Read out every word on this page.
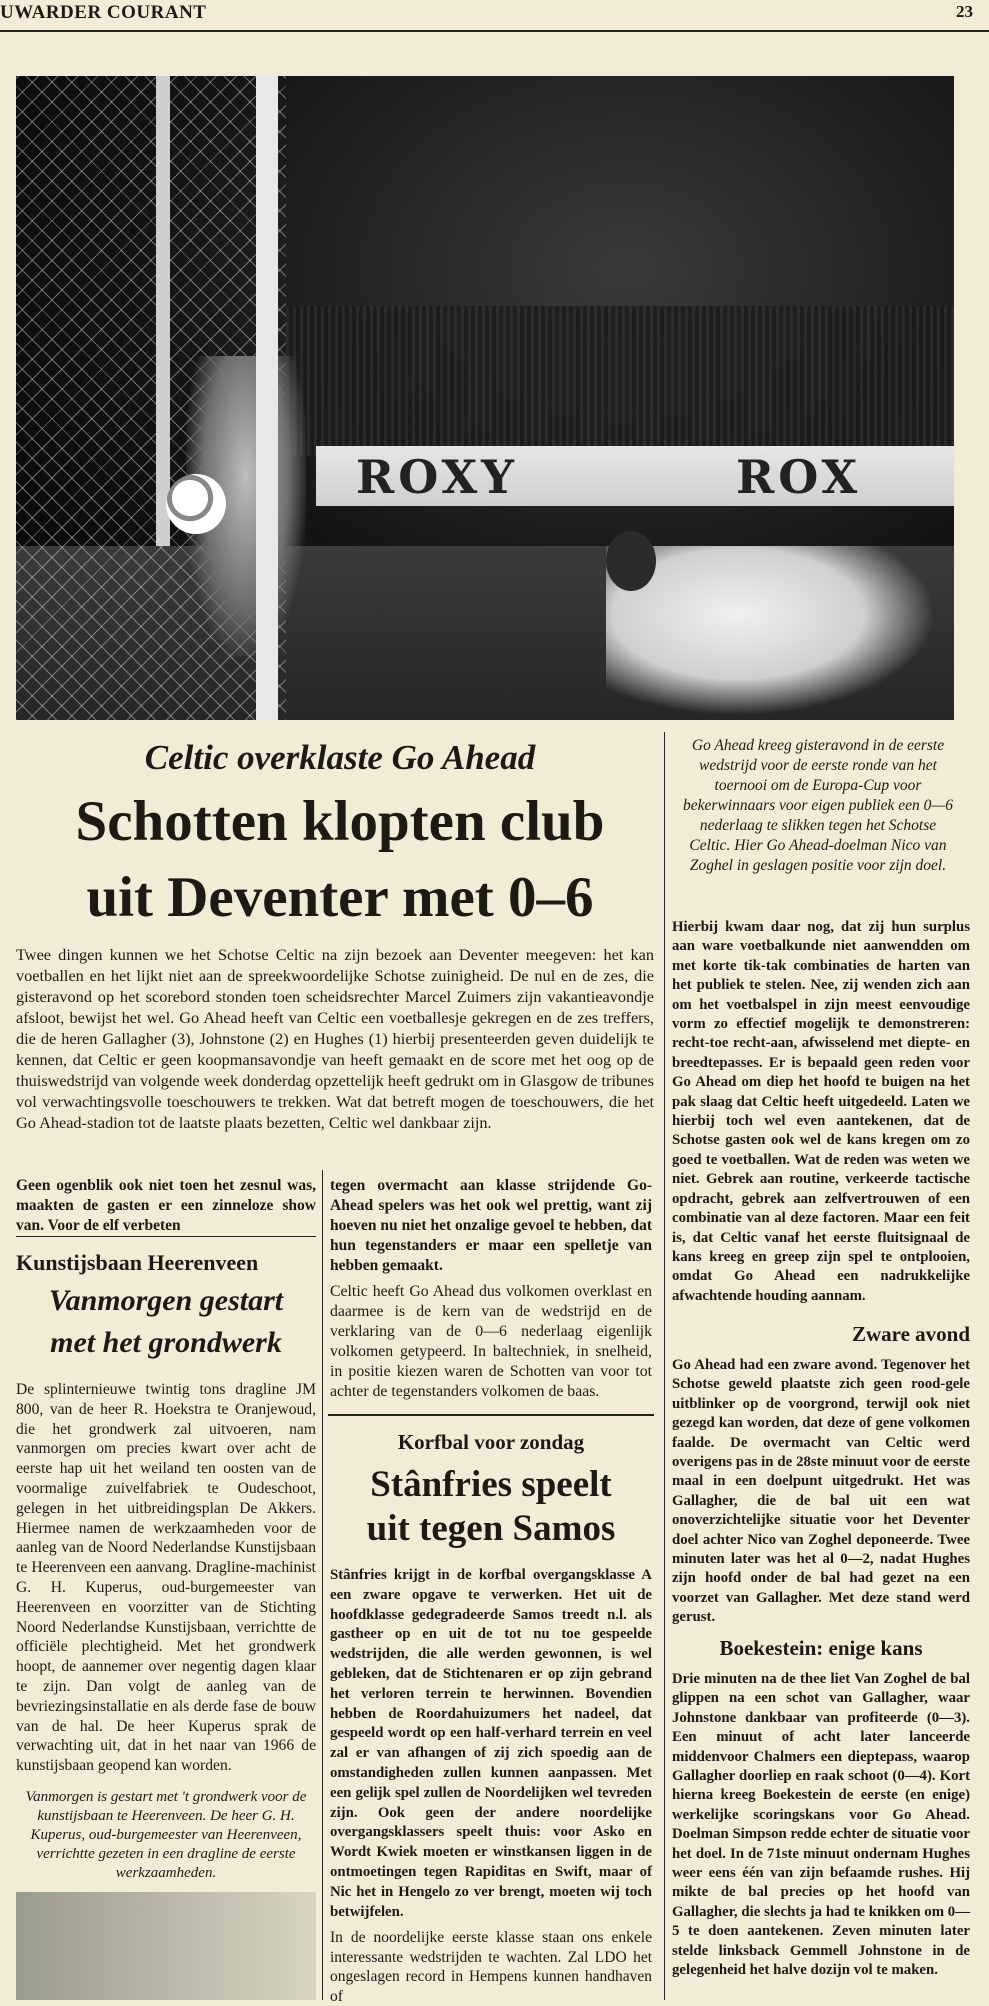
UWARDER COURANT	23
ROXY	ROX
Celtic overklaste Go Ahead
Schotten klopten club
uit Deventer met 0–6
Go Ahead kreeg gisteravond in de eerste wedstrijd voor de eerste ronde van het toernooi om de Europa-Cup voor bekerwinnaars voor eigen publiek een 0—6 nederlaag te slikken tegen het Schotse Celtic. Hier Go Ahead-doelman Nico van Zoghel in geslagen positie voor zijn doel.
Twee dingen kunnen we het Schotse Celtic na zijn bezoek aan Deventer meegeven: het kan voetballen en het lijkt niet aan de spreekwoordelijke Schotse zuinigheid. De nul en de zes, die gisteravond op het scorebord stonden toen scheidsrechter Marcel Zuimers zijn vakantieavondje afsloot, bewijst het wel. Go Ahead heeft van Celtic een voetballesje gekregen en de zes treffers, die de heren Gallagher (3), Johnstone (2) en Hughes (1) hierbij presenteerden geven duidelijk te kennen, dat Celtic er geen koopmansavondje van heeft gemaakt en de score met het oog op de thuiswedstrijd van volgende week donderdag opzettelijk heeft gedrukt om in Glasgow de tribunes vol verwachtingsvolle toeschouwers te trekken. Wat dat betreft mogen de toeschouwers, die het Go Ahead-stadion tot de laatste plaats bezetten, Celtic wel dankbaar zijn.
Geen ogenblik ook niet toen het zesnul was, maakten de gasten er een zinneloze show van. Voor de elf verbeten
Kunstijsbaan Heerenveen
Vanmorgen gestart
met het grondwerk
De splinternieuwe twintig tons dragline JM 800, van de heer R. Hoekstra te Oranjewoud, die het grondwerk zal uitvoeren, nam vanmorgen om precies kwart over acht de eerste hap uit het weiland ten oosten van de voormalige zuivelfabriek te Oudeschoot, gelegen in het uitbreidingsplan De Akkers. Hiermee namen de werkzaamheden voor de aanleg van de Noord Nederlandse Kunstijsbaan te Heerenveen een aanvang. Dragline-machinist G. H. Kuperus, oud-burgemeester van Heerenveen en voorzitter van de Stichting Noord Nederlandse Kunstijsbaan, verrichtte de officiële plechtigheid. Met het grondwerk hoopt, de aannemer over negentig dagen klaar te zijn. Dan volgt de aanleg van de bevriezingsinstallatie en als derde fase de bouw van de hal. De heer Kuperus sprak de verwachting uit, dat in het naar van 1966 de kunstijsbaan geopend kan worden.
Vanmorgen is gestart met 't grondwerk voor de kunstijsbaan te Heerenveen. De heer G. H. Kuperus, oud-burgemeester van Heerenveen, verrichtte gezeten in een dragline de eerste werkzaamheden.
tegen overmacht aan klasse strijdende Go-Ahead spelers was het ook wel prettig, want zij hoeven nu niet het onzalige gevoel te hebben, dat hun tegenstanders er maar een spelletje van hebben gemaakt.
Celtic heeft Go Ahead dus volkomen overklast en daarmee is de kern van de wedstrijd en de verklaring van de 0—6 nederlaag eigenlijk volkomen getypeerd. In baltechniek, in snelheid, in positie kiezen waren de Schotten van voor tot achter de tegenstanders volkomen de baas.
Korfbal voor zondag
Stânfries speelt
uit tegen Samos
Stânfries krijgt in de korfbal overgangsklasse A een zware opgave te verwerken. Het uit de hoofdklasse gedegradeerde Samos treedt n.l. als gastheer op en uit de tot nu toe gespeelde wedstrijden, die alle werden gewonnen, is wel gebleken, dat de Stichtenaren er op zijn gebrand het verloren terrein te herwinnen. Bovendien hebben de Roordahuizumers het nadeel, dat gespeeld wordt op een half-verhard terrein en veel zal er van afhangen of zij zich spoedig aan de omstandigheden zullen kunnen aanpassen. Met een gelijk spel zullen de Noordelijken wel tevreden zijn. Ook geen der andere noordelijke overgangsklassers speelt thuis: voor Asko en Wordt Kwiek moeten er winstkansen liggen in de ontmoetingen tegen Rapiditas en Swift, maar of Nic het in Hengelo zo ver brengt, moeten wij toch betwijfelen.
In de noordelijke eerste klasse staan ons enkele interessante wedstrijden te wachten. Zal LDO het ongeslagen record in Hempens kunnen handhaven of
Hierbij kwam daar nog, dat zij hun surplus aan ware voetbalkunde niet aanwendden om met korte tik-tak combinaties de harten van het publiek te stelen. Nee, zij wenden zich aan om het voetbalspel in zijn meest eenvoudige vorm zo effectief mogelijk te demonstreren: recht-toe recht-aan, afwisselend met diepte- en breedtepasses. Er is bepaald geen reden voor Go Ahead om diep het hoofd te buigen na het pak slaag dat Celtic heeft uitgedeeld. Laten we hierbij toch wel even aantekenen, dat de Schotse gasten ook wel de kans kregen om zo goed te voetballen. Wat de reden was weten we niet. Gebrek aan routine, verkeerde tactische opdracht, gebrek aan zelfvertrouwen of een combinatie van al deze factoren. Maar een feit is, dat Celtic vanaf het eerste fluitsignaal de kans kreeg en greep zijn spel te ontplooien, omdat Go Ahead een nadrukkelijke afwachtende houding aannam.
Zware avond
Go Ahead had een zware avond. Tegenover het Schotse geweld plaatste zich geen rood-gele uitblinker op de voorgrond, terwijl ook niet gezegd kan worden, dat deze of gene volkomen faalde. De overmacht van Celtic werd overigens pas in de 28ste minuut voor de eerste maal in een doelpunt uitgedrukt. Het was Gallagher, die de bal uit een wat onoverzichtelijke situatie voor het Deventer doel achter Nico van Zoghel deponeerde. Twee minuten later was het al 0—2, nadat Hughes zijn hoofd onder de bal had gezet na een voorzet van Gallagher. Met deze stand werd gerust.
Boekestein: enige kans
Drie minuten na de thee liet Van Zoghel de bal glippen na een schot van Gallagher, waar Johnstone dankbaar van profiteerde (0—3). Een minuut of acht later lanceerde middenvoor Chalmers een dieptepass, waarop Gallagher doorliep en raak schoot (0—4). Kort hierna kreeg Boekestein de eerste (en enige) werkelijke scoringskans voor Go Ahead. Doelman Simpson redde echter de situatie voor het doel. In de 71ste minuut ondernam Hughes weer eens één van zijn befaamde rushes. Hij mikte de bal precies op het hoofd van Gallagher, die slechts ja had te knikken om 0—5 te doen aantekenen. Zeven minuten later stelde linksback Gemmell Johnstone in de gelegenheid het halve dozijn vol te maken.
